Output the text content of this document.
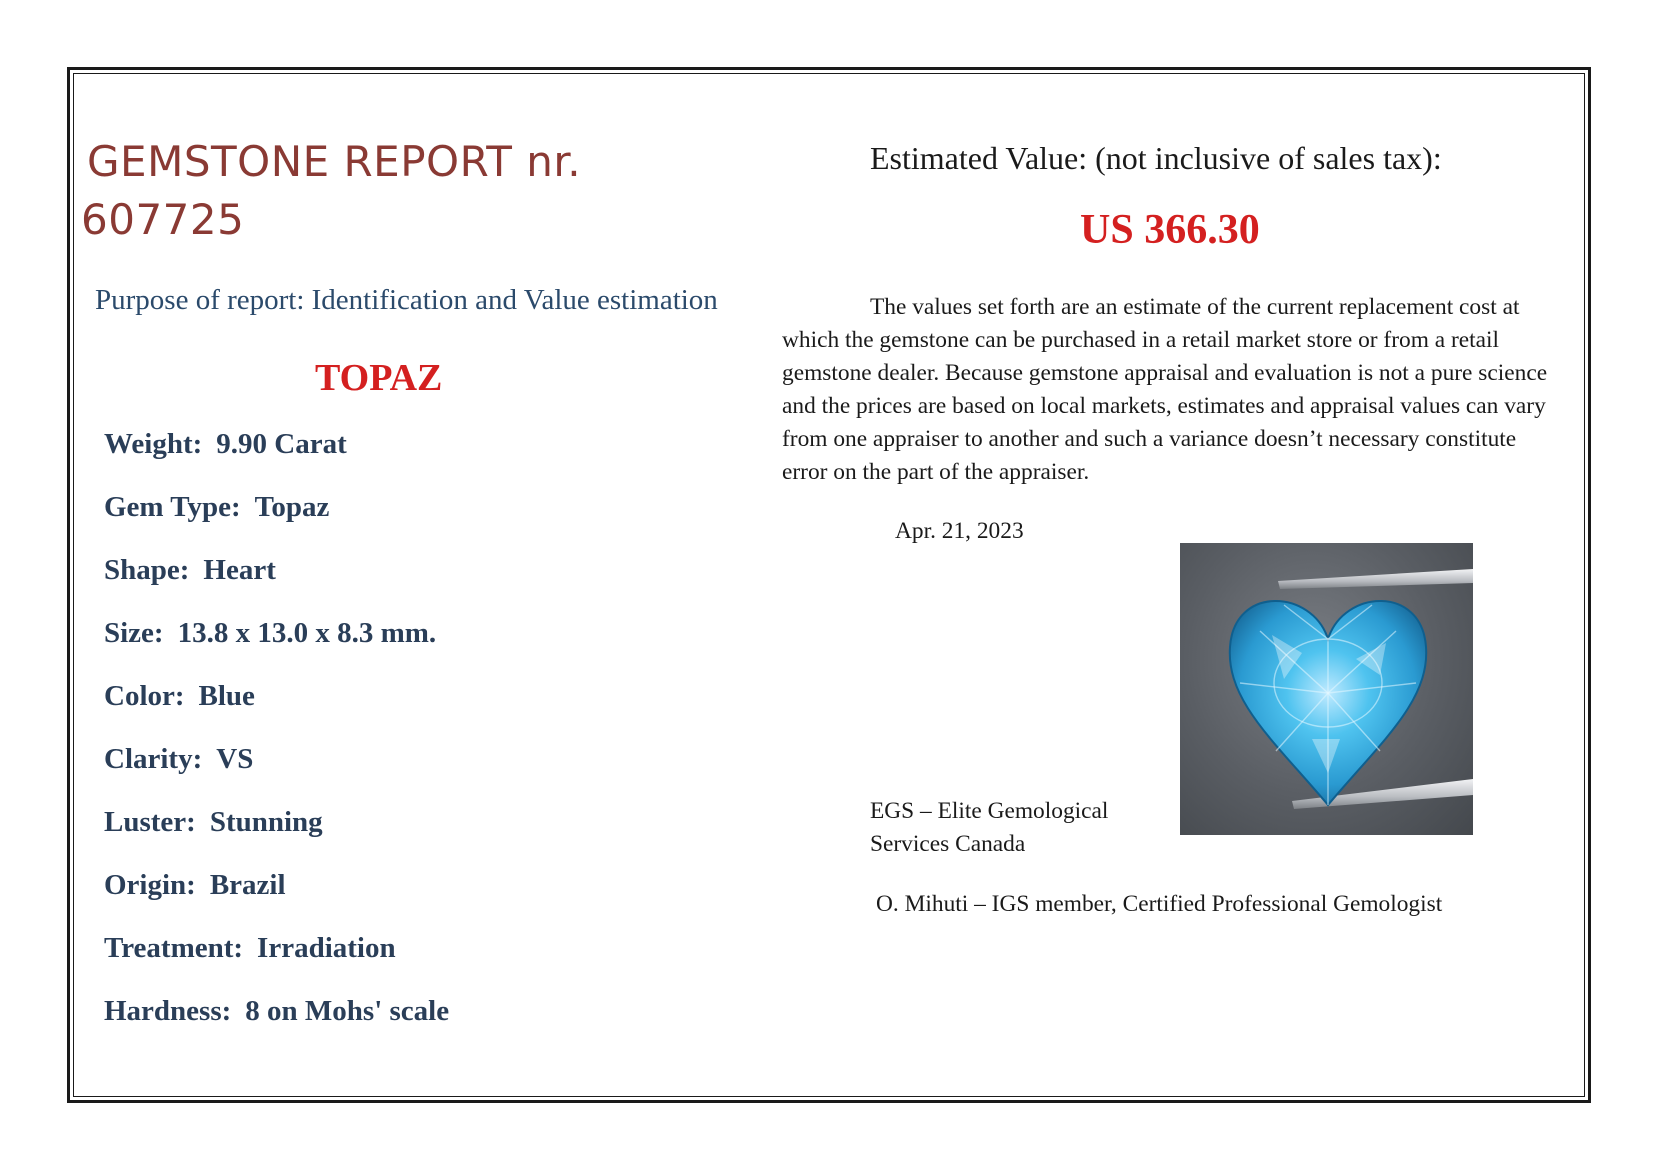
GEMSTONE REPORT nr.
607725
Purpose of report: Identification and Value estimation
TOPAZ
Weight: 9.90 Carat
Gem Type: Topaz
Shape: Heart
Size: 13.8 x 13.0 x 8.3 mm.
Color: Blue
Clarity: VS
Luster: Stunning
Origin: Brazil
Treatment: Irradiation
Hardness: 8 on Mohs' scale
Estimated Value: (not inclusive of sales tax):
US 366.30

The values set forth are an estimate of the current replacement cost at which the gemstone can be purchased in a retail market store or from a retail gemstone dealer. Because gemstone appraisal and evaluation is not a pure science and the prices are based on local markets, estimates and appraisal values can vary from one appraiser to another and such a variance doesn’t necessary constitute error on the part of the appraiser.

Apr. 21, 2023

EGS – Elite Gemological Services Canada

O. Mihuti – IGS member, Certified Professional Gemologist
